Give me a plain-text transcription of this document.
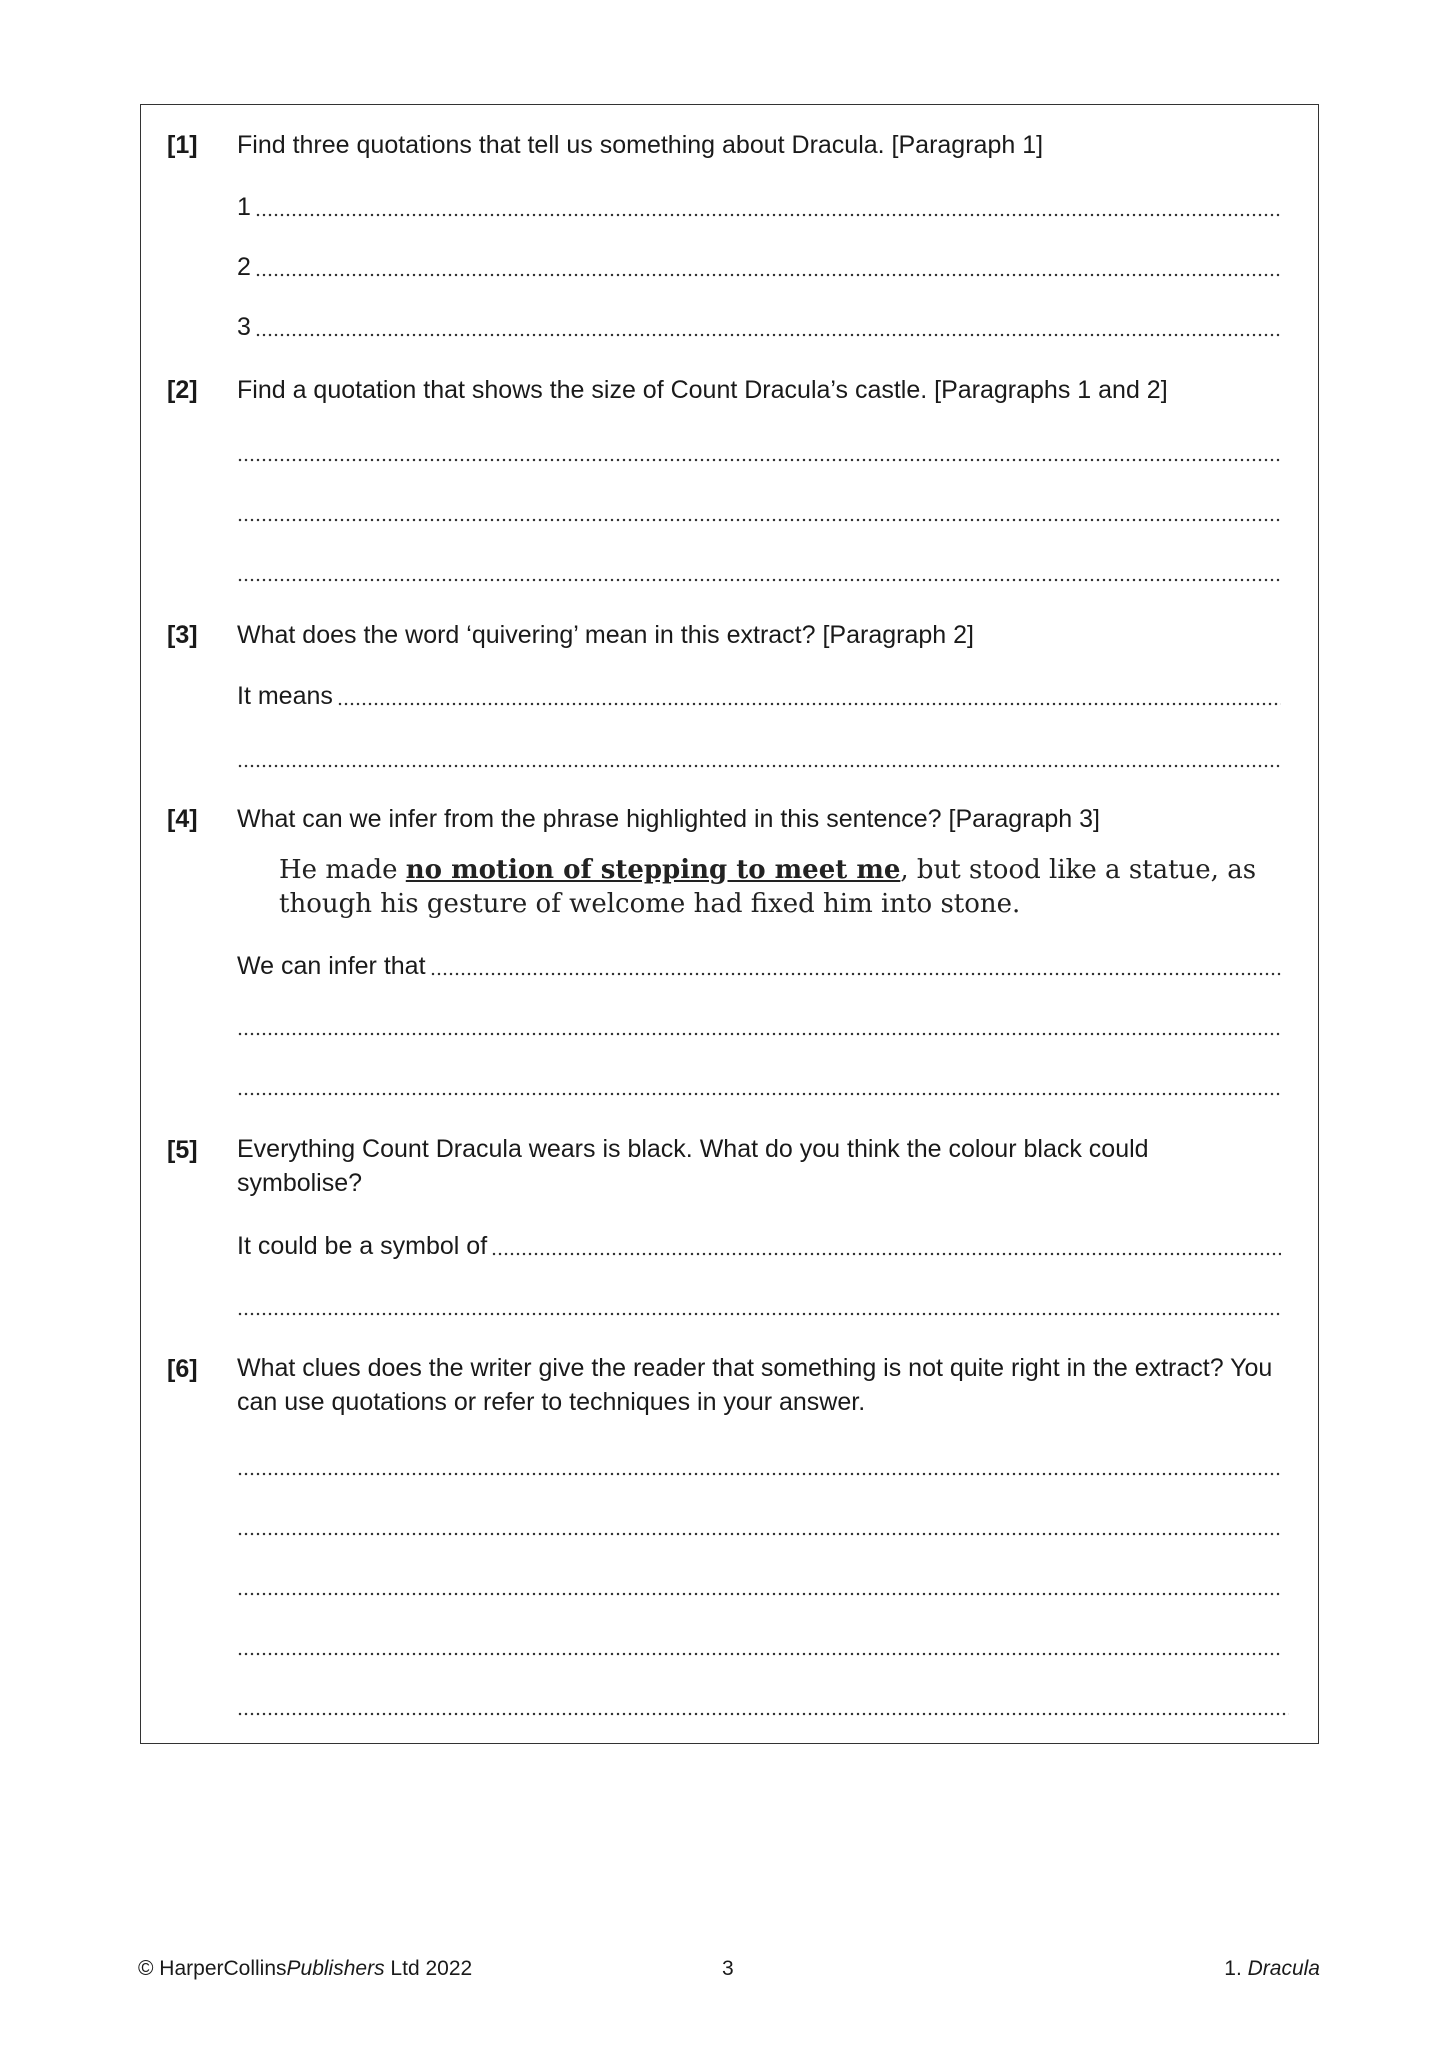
[1] Find three quotations that tell us something about Dracula. [Paragraph 1]
1
2
3
[2] Find a quotation that shows the size of Count Dracula’s castle. [Paragraphs 1 and 2]
[3] What does the word ‘quivering’ mean in this extract? [Paragraph 2]
It means
[4] What can we infer from the phrase highlighted in this sentence? [Paragraph 3]
He made no motion of stepping to meet me, but stood like a statue, as though his gesture of welcome had fixed him into stone.
We can infer that
[5] Everything Count Dracula wears is black. What do you think the colour black could symbolise?
It could be a symbol of
[6] What clues does the writer give the reader that something is not quite right in the extract? You can use quotations or refer to techniques in your answer.
© HarperCollinsPublishers Ltd 2022	3	1. Dracula
